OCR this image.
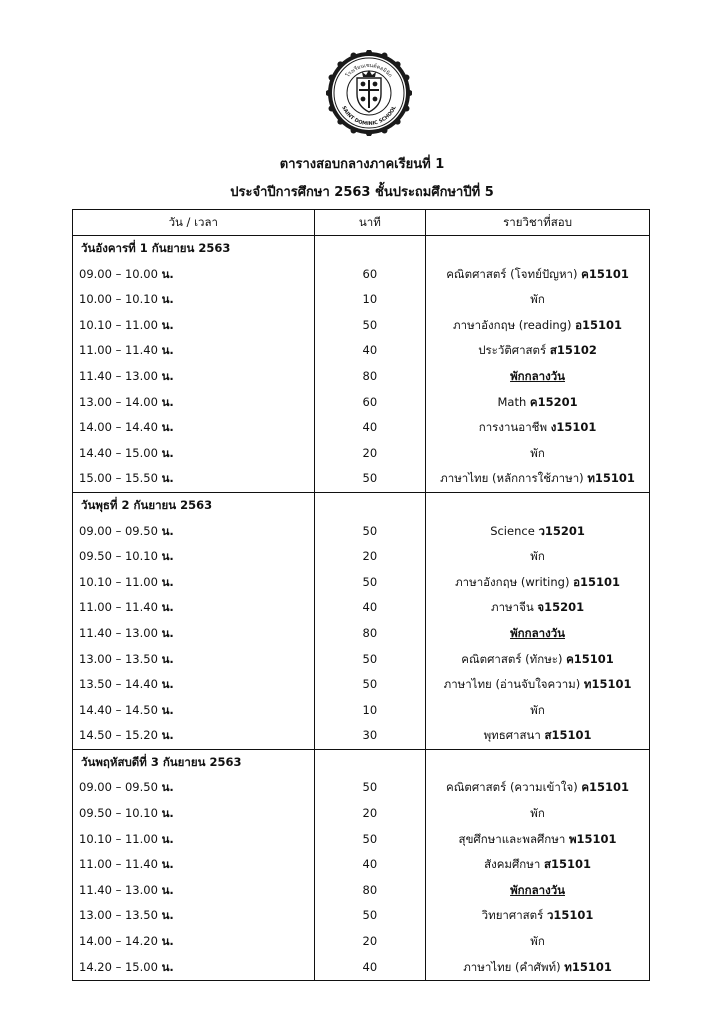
โรงเรียนเซนต์ดอมินิก
SAINT DOMINIC SCHOOL
ตารางสอบกลางภาคเรียนที่ 1
ประจำปีการศึกษา 2563 ชั้นประถมศึกษาปีที่ 5
วัน / เวลา	นาที	รายวิชาที่สอบ
วันอังคารที่ 1 กันยายน 2563		
09.00 – 10.00 น.	60	คณิตศาสตร์ (โจทย์ปัญหา) ค15101
10.00 – 10.10 น.	10	พัก
10.10 – 11.00 น.	50	ภาษาอังกฤษ (reading) อ15101
11.00 – 11.40 น.	40	ประวัติศาสตร์ ส15102
11.40 – 13.00 น.	80	พักกลางวัน
13.00 – 14.00 น.	60	Math ค15201
14.00 – 14.40 น.	40	การงานอาชีพ ง15101
14.40 – 15.00 น.	20	พัก
15.00 – 15.50 น.	50	ภาษาไทย (หลักการใช้ภาษา) ท15101
วันพุธที่ 2 กันยายน 2563		
09.00 – 09.50 น.	50	Science ว15201
09.50 – 10.10 น.	20	พัก
10.10 – 11.00 น.	50	ภาษาอังกฤษ (writing) อ15101
11.00 – 11.40 น.	40	ภาษาจีน จ15201
11.40 – 13.00 น.	80	พักกลางวัน
13.00 – 13.50 น.	50	คณิตศาสตร์ (ทักษะ) ค15101
13.50 – 14.40 น.	50	ภาษาไทย (อ่านจับใจความ) ท15101
14.40 – 14.50 น.	10	พัก
14.50 – 15.20 น.	30	พุทธศาสนา ส15101
วันพฤหัสบดีที่ 3 กันยายน 2563		
09.00 – 09.50 น.	50	คณิตศาสตร์ (ความเข้าใจ) ค15101
09.50 – 10.10 น.	20	พัก
10.10 – 11.00 น.	50	สุขศึกษาและพลศึกษา พ15101
11.00 – 11.40 น.	40	สังคมศึกษา ส15101
11.40 – 13.00 น.	80	พักกลางวัน
13.00 – 13.50 น.	50	วิทยาศาสตร์ ว15101
14.00 – 14.20 น.	20	พัก
14.20 – 15.00 น.	40	ภาษาไทย (คำศัพท์) ท15101
